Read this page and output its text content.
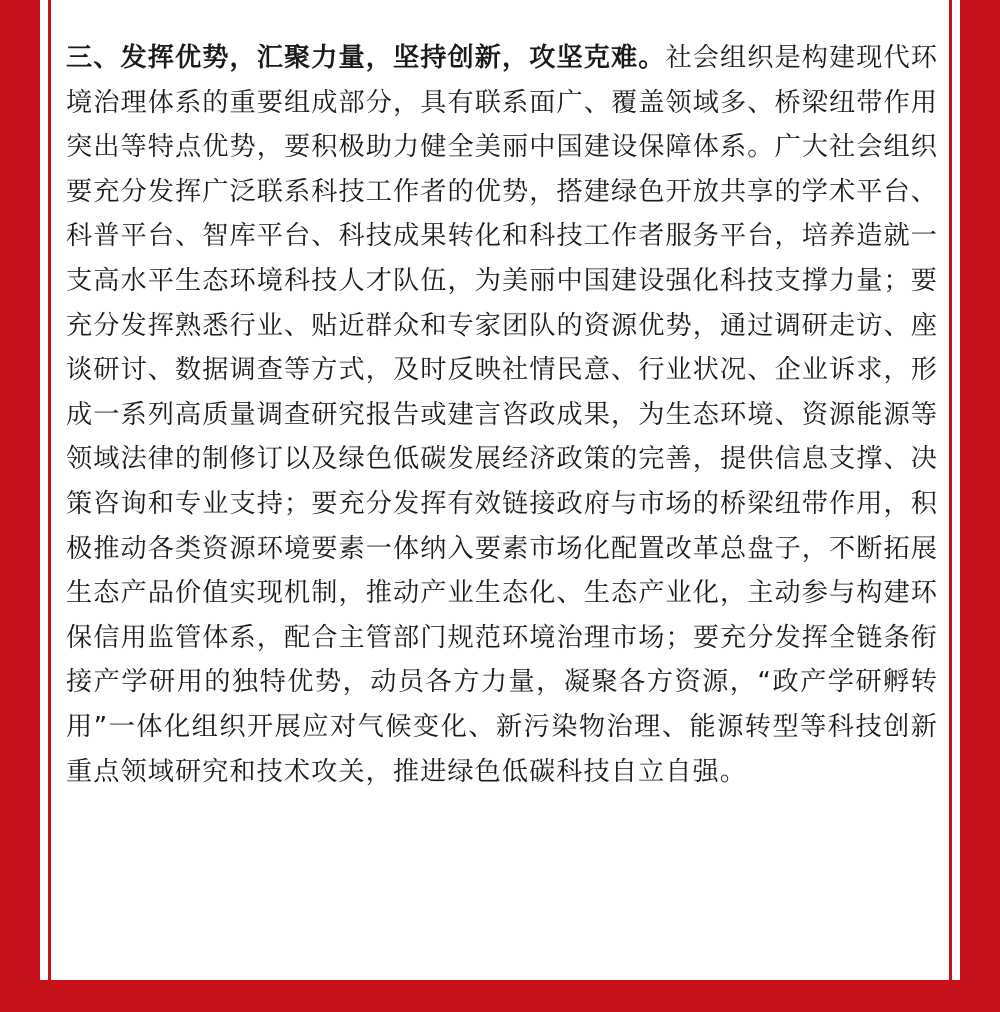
三、发挥优势，汇聚力量，坚持创新，攻坚克难。社会组织是构建现代环境治理体系的重要组成部分，具有联系面广、覆盖领域多、桥梁纽带作用突出等特点优势，要积极助力健全美丽中国建设保障体系。广大社会组织要充分发挥广泛联系科技工作者的优势，搭建绿色开放共享的学术平台、科普平台、智库平台、科技成果转化和科技工作者服务平台，培养造就一支高水平生态环境科技人才队伍，为美丽中国建设强化科技支撑力量；要充分发挥熟悉行业、贴近群众和专家团队的资源优势，通过调研走访、座谈研讨、数据调查等方式，及时反映社情民意、行业状况、企业诉求，形成一系列高质量调查研究报告或建言咨政成果，为生态环境、资源能源等领域法律的制修订以及绿色低碳发展经济政策的完善，提供信息支撑、决策咨询和专业支持；要充分发挥有效链接政府与市场的桥梁纽带作用，积极推动各类资源环境要素一体纳入要素市场化配置改革总盘子，不断拓展生态产品价值实现机制，推动产业生态化、生态产业化，主动参与构建环保信用监管体系，配合主管部门规范环境治理市场；要充分发挥全链条衔接产学研用的独特优势，动员各方力量，凝聚各方资源，“政产学研孵转用”一体化组织开展应对气候变化、新污染物治理、能源转型等科技创新重点领域研究和技术攻关，推进绿色低碳科技自立自强。
